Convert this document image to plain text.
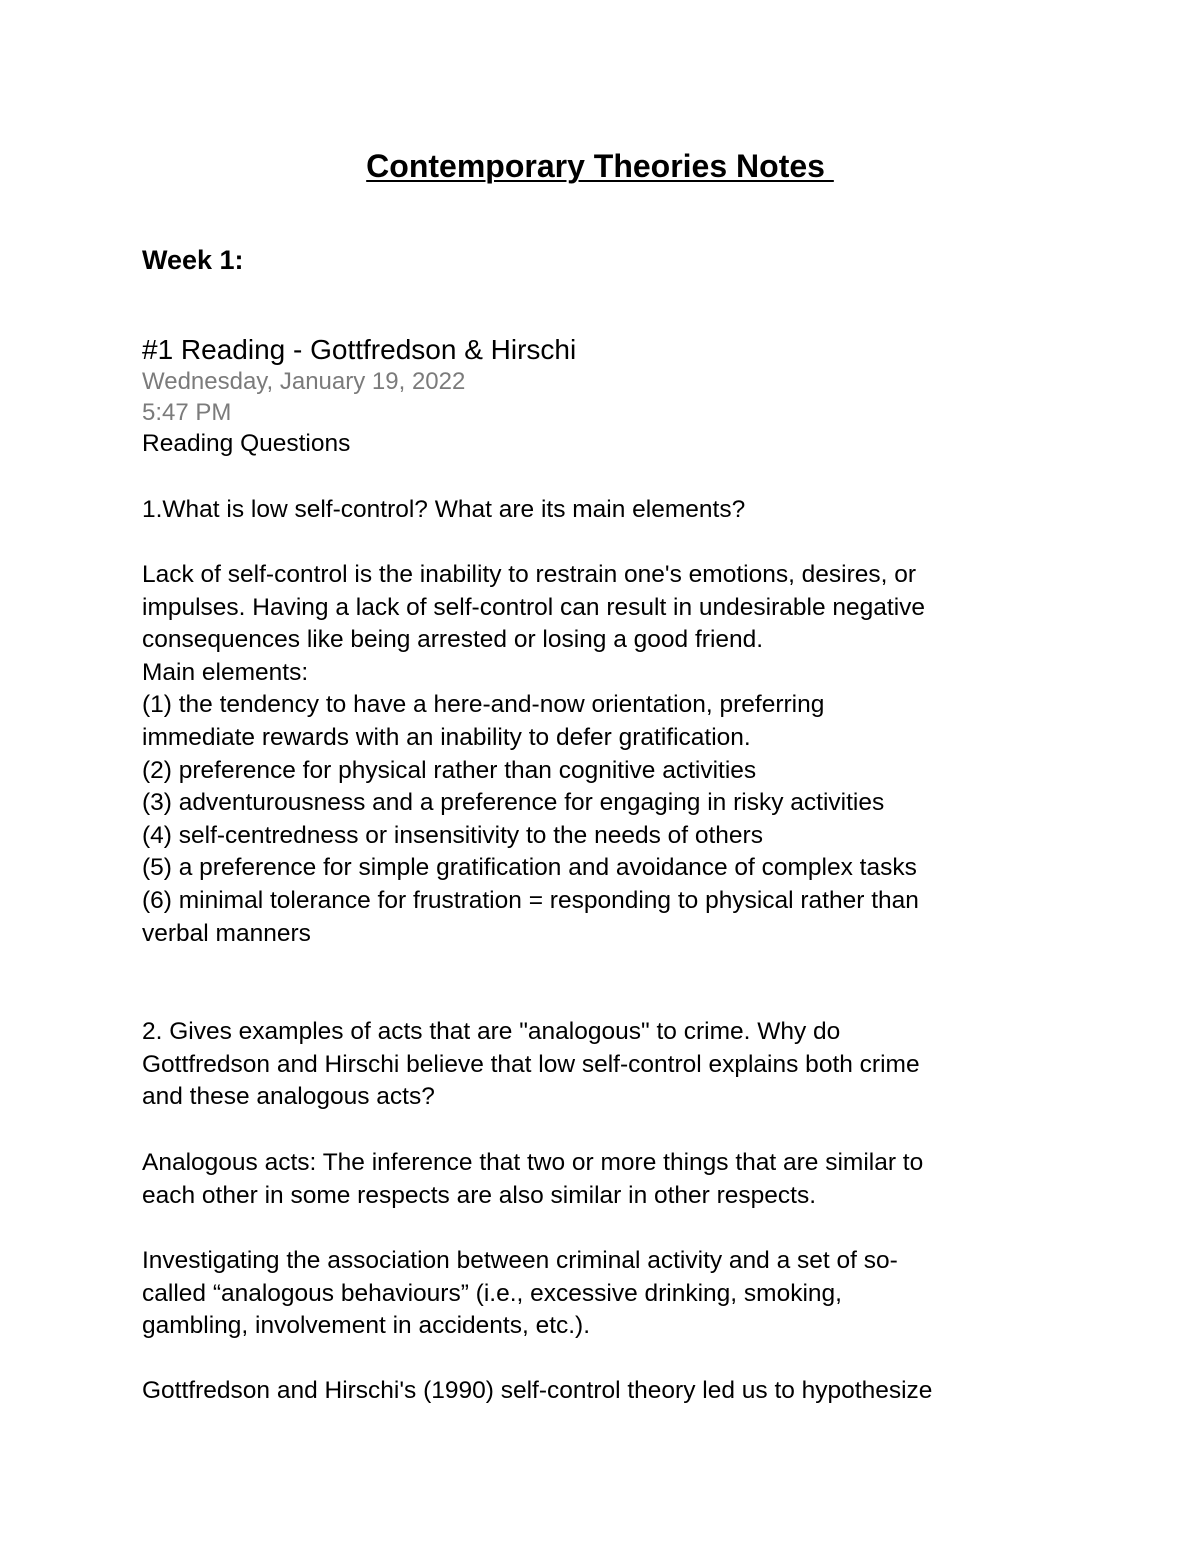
Contemporary Theories Notes
Week 1:
#1 Reading - Gottfredson & Hirschi
Wednesday, January 19, 2022
5:47 PM
Reading Questions
1.What is low self-control? What are its main elements?
Lack of self-control is the inability to restrain one's emotions, desires, or
impulses. Having a lack of self-control can result in undesirable negative
consequences like being arrested or losing a good friend.
Main elements:
(1) the tendency to have a here-and-now orientation, preferring
immediate rewards with an inability to defer gratification.
(2) preference for physical rather than cognitive activities
(3) adventurousness and a preference for engaging in risky activities
(4) self-centredness or insensitivity to the needs of others
(5) a preference for simple gratification and avoidance of complex tasks
(6) minimal tolerance for frustration = responding to physical rather than
verbal manners
2. Gives examples of acts that are "analogous" to crime. Why do
Gottfredson and Hirschi believe that low self-control explains both crime
and these analogous acts?
Analogous acts: The inference that two or more things that are similar to
each other in some respects are also similar in other respects.
Investigating the association between criminal activity and a set of so-
called “analogous behaviours” (i.e., excessive drinking, smoking,
gambling, involvement in accidents, etc.).
Gottfredson and Hirschi's (1990) self-control theory led us to hypothesize
